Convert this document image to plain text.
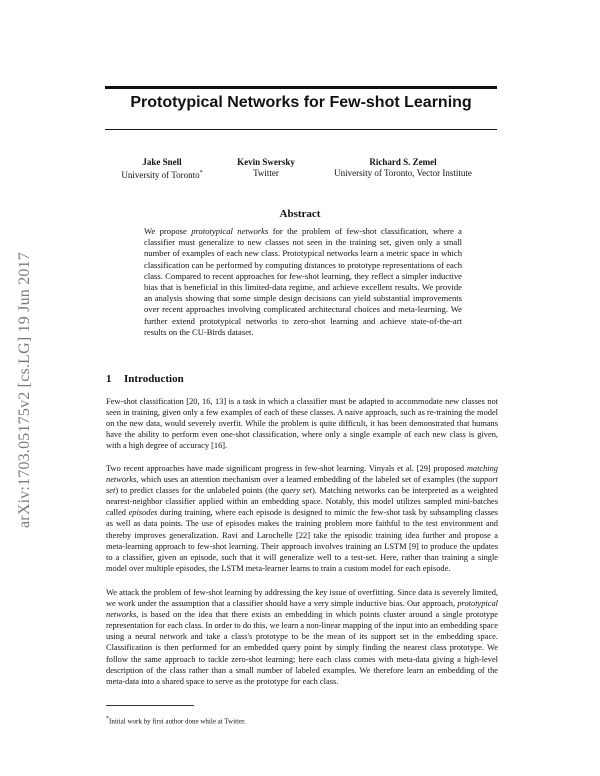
arXiv:1703.05175v2 [cs.LG] 19 Jun 2017
Prototypical Networks for Few-shot Learning
Jake Snell
University of Toronto*
Kevin Swersky
Twitter
Richard S. Zemel
University of Toronto, Vector Institute
Abstract
We propose prototypical networks for the problem of few-shot classification, where a classifier must generalize to new classes not seen in the training set, given only a small number of examples of each new class. Prototypical networks learn a metric space in which classification can be performed by computing distances to prototype representations of each class. Compared to recent approaches for few-shot learning, they reflect a simpler inductive bias that is beneficial in this limited-data regime, and achieve excellent results. We provide an analysis showing that some simple design decisions can yield substantial improvements over recent approaches involving complicated architectural choices and meta-learning. We further extend prototypical networks to zero-shot learning and achieve state-of-the-art results on the CU-Birds dataset.
1 Introduction
Few-shot classification [20, 16, 13] is a task in which a classifier must be adapted to accommodate new classes not seen in training, given only a few examples of each of these classes. A naive approach, such as re-training the model on the new data, would severely overfit. While the problem is quite difficult, it has been demonstrated that humans have the ability to perform even one-shot classification, where only a single example of each new class is given, with a high degree of accuracy [16].
Two recent approaches have made significant progress in few-shot learning. Vinyals et al. [29] proposed matching networks, which uses an attention mechanism over a learned embedding of the labeled set of examples (the support set) to predict classes for the unlabeled points (the query set). Matching networks can be interpreted as a weighted nearest-neighbor classifier applied within an embedding space. Notably, this model utilizes sampled mini-batches called episodes during training, where each episode is designed to mimic the few-shot task by subsampling classes as well as data points. The use of episodes makes the training problem more faithful to the test environment and thereby improves generalization. Ravi and Larochelle [22] take the episodic training idea further and propose a meta-learning approach to few-shot learning. Their approach involves training an LSTM [9] to produce the updates to a classifier, given an episode, such that it will generalize well to a test-set. Here, rather than training a single model over multiple episodes, the LSTM meta-learner learns to train a custom model for each episode.
We attack the problem of few-shot learning by addressing the key issue of overfitting. Since data is severely limited, we work under the assumption that a classifier should have a very simple inductive bias. Our approach, prototypical networks, is based on the idea that there exists an embedding in which points cluster around a single prototype representation for each class. In order to do this, we learn a non-linear mapping of the input into an embedding space using a neural network and take a class's prototype to be the mean of its support set in the embedding space. Classification is then performed for an embedded query point by simply finding the nearest class prototype. We follow the same approach to tackle zero-shot learning; here each class comes with meta-data giving a high-level description of the class rather than a small number of labeled examples. We therefore learn an embedding of the meta-data into a shared space to serve as the prototype for each class.
*Initial work by first author done while at Twitter.
